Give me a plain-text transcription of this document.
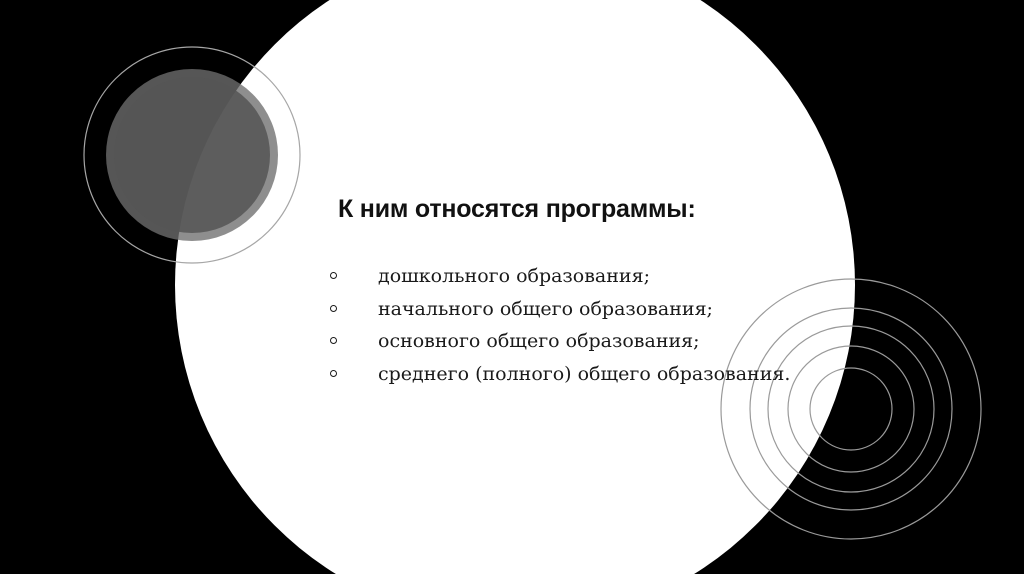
К ним относятся программы:
дошкольного образования;
начального общего образования;
основного общего образования;
среднего (полного) общего образования.
